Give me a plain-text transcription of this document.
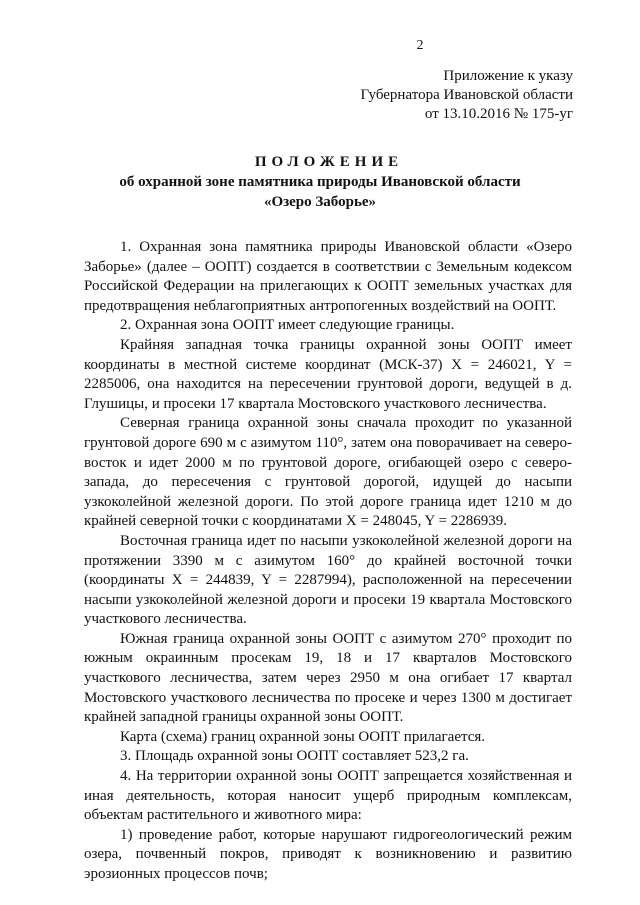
2
Приложение к указу
Губернатора Ивановской области
от 13.10.2016 № 175-уг
ПОЛОЖЕНИЕ
об охранной зоне памятника природы Ивановской области
«Озеро Заборье»

1. Охранная зона памятника природы Ивановской области «Озеро Заборье» (далее – ООПТ) создается в соответствии с Земельным кодексом Российской Федерации на прилегающих к ООПТ земельных участках для предотвращения неблагоприятных антропогенных воздействий на ООПТ.

2. Охранная зона ООПТ имеет следующие границы.

Крайняя западная точка границы охранной зоны ООПТ имеет координаты в местной системе координат (МСК-37) X = 246021, Y = 2285006, она находится на пересечении грунтовой дороги, ведущей в д. Глушицы, и просеки 17 квартала Мостовского участкового лесничества.

Северная граница охранной зоны сначала проходит по указанной грунтовой дороге 690 м с азимутом 110°, затем она поворачивает на северо-восток и идет 2000 м по грунтовой дороге, огибающей озеро с северо-запада, до пересечения с грунтовой дорогой, идущей до насыпи узкоколейной железной дороги. По этой дороге граница идет 1210 м до крайней северной точки с координатами X = 248045, Y = 2286939.

Восточная граница идет по насыпи узкоколейной железной дороги на протяжении 3390 м с азимутом 160° до крайней восточной точки (координаты X = 244839, Y = 2287994), расположенной на пересечении насыпи узкоколейной железной дороги и просеки 19 квартала Мостовского участкового лесничества.

Южная граница охранной зоны ООПТ с азимутом 270° проходит по южным окраинным просекам 19, 18 и 17 кварталов Мостовского участкового лесничества, затем через 2950 м она огибает 17 квартал Мостовского участкового лесничества по просеке и через 1300 м достигает крайней западной границы охранной зоны ООПТ.

Карта (схема) границ охранной зоны ООПТ прилагается.

3. Площадь охранной зоны ООПТ составляет 523,2 га.

4. На территории охранной зоны ООПТ запрещается хозяйственная и иная деятельность, которая наносит ущерб природным комплексам, объектам растительного и животного мира:

1) проведение работ, которые нарушают гидрогеологический режим озера, почвенный покров, приводят к возникновению и развитию эрозионных процессов почв;
